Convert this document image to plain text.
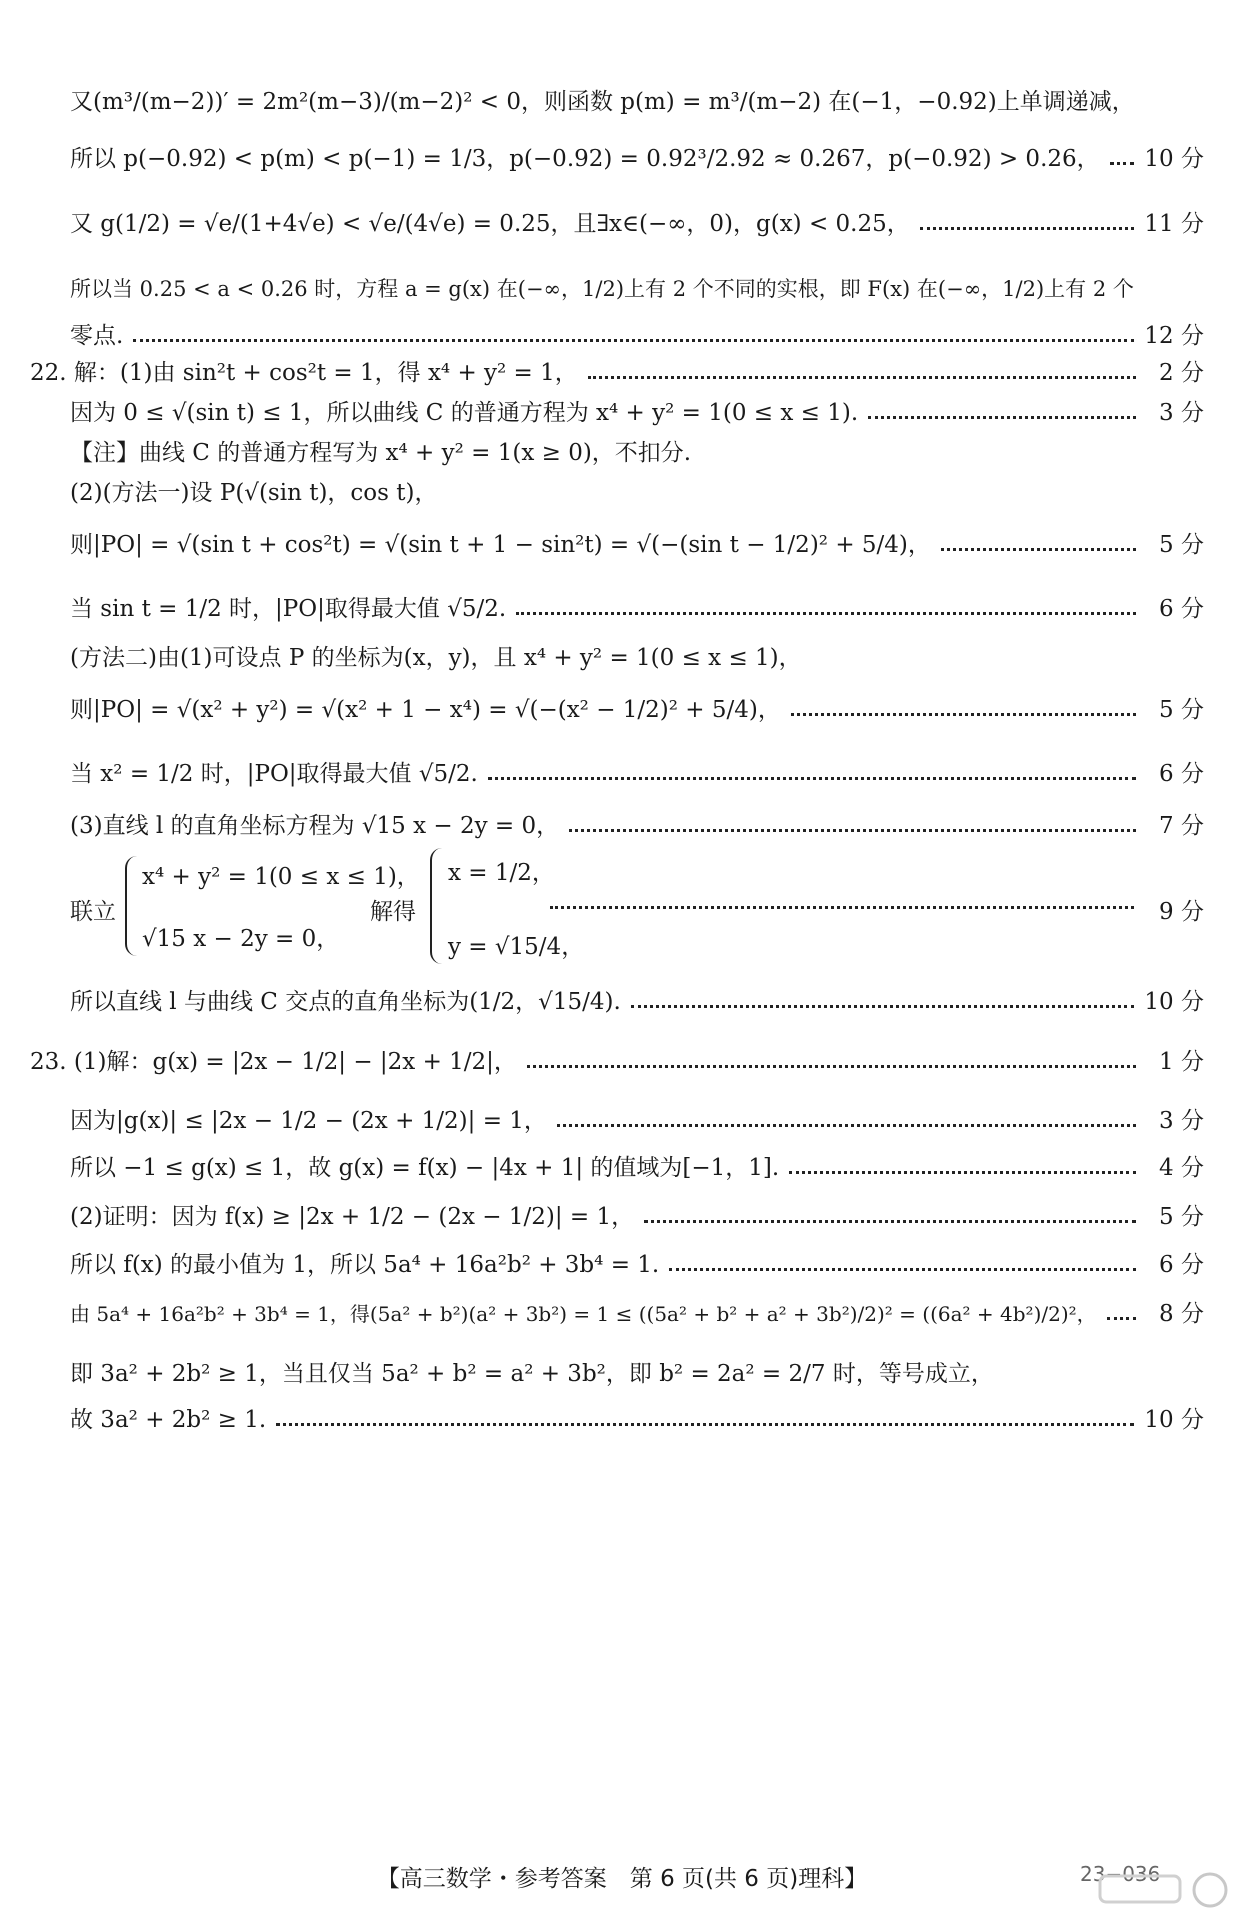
又(m³/(m−2))′ = 2m²(m−3)/(m−2)² < 0，则函数 p(m) = m³/(m−2) 在(−1，−0.92)上单调递减，
所以 p(−0.92) < p(m) < p(−1) = 1/3，p(−0.92) = 0.92³/2.92 ≈ 0.267，p(−0.92) > 0.26， 10 分
又 g(1/2) = √e/(1+4√e) < √e/(4√e) = 0.25，且∃x∈(−∞，0)，g(x) < 0.25，	11 分
所以当 0.25 < a < 0.26 时，方程 a = g(x) 在(−∞，1/2)上有 2 个不同的实根，即 F(x) 在(−∞，1/2)上有 2 个
零点.	12 分
22. 解：(1)由 sin²t + cos²t = 1，得 x⁴ + y² = 1，	2 分
因为 0 ≤ √(sin t) ≤ 1，所以曲线 C 的普通方程为 x⁴ + y² = 1(0 ≤ x ≤ 1).	3 分
【注】曲线 C 的普通方程写为 x⁴ + y² = 1(x ≥ 0)，不扣分.
(2)(方法一)设 P(√(sin t)，cos t)，
则|PO| = √(sin t + cos²t) = √(sin t + 1 − sin²t) = √(−(sin t − 1/2)² + 5/4)，	5 分
当 sin t = 1/2 时，|PO|取得最大值 √5/2.	6 分
(方法二)由(1)可设点 P 的坐标为(x，y)，且 x⁴ + y² = 1(0 ≤ x ≤ 1)，
则|PO| = √(x² + y²) = √(x² + 1 − x⁴) = √(−(x² − 1/2)² + 5/4)，	5 分
当 x² = 1/2 时，|PO|取得最大值 √5/2.	6 分
(3)直线 l 的直角坐标方程为 √15 x − 2y = 0，	7 分
联立
x⁴ + y² = 1(0 ≤ x ≤ 1)，
√15 x − 2y = 0，
解得
x = 1/2，
y = √15/4，
9 分
所以直线 l 与曲线 C 交点的直角坐标为(1/2，√15/4).	10 分
23. (1)解：g(x) = |2x − 1/2| − |2x + 1/2|，	1 分
因为|g(x)| ≤ |2x − 1/2 − (2x + 1/2)| = 1，	3 分
所以 −1 ≤ g(x) ≤ 1，故 g(x) = f(x) − |4x + 1| 的值域为[−1，1].	4 分
(2)证明：因为 f(x) ≥ |2x + 1/2 − (2x − 1/2)| = 1，	5 分
所以 f(x) 的最小值为 1，所以 5a⁴ + 16a²b² + 3b⁴ = 1.	6 分
由 5a⁴ + 16a²b² + 3b⁴ = 1，得(5a² + b²)(a² + 3b²) = 1 ≤ ((5a² + b² + a² + 3b²)/2)² = ((6a² + 4b²)/2)²，	8 分
即 3a² + 2b² ≥ 1，当且仅当 5a² + b² = a² + 3b²，即 b² = 2a² = 2/7 时，等号成立，
故 3a² + 2b² ≥ 1.	10 分
【高三数学・参考答案　第 6 页(共 6 页)理科】	23−036
